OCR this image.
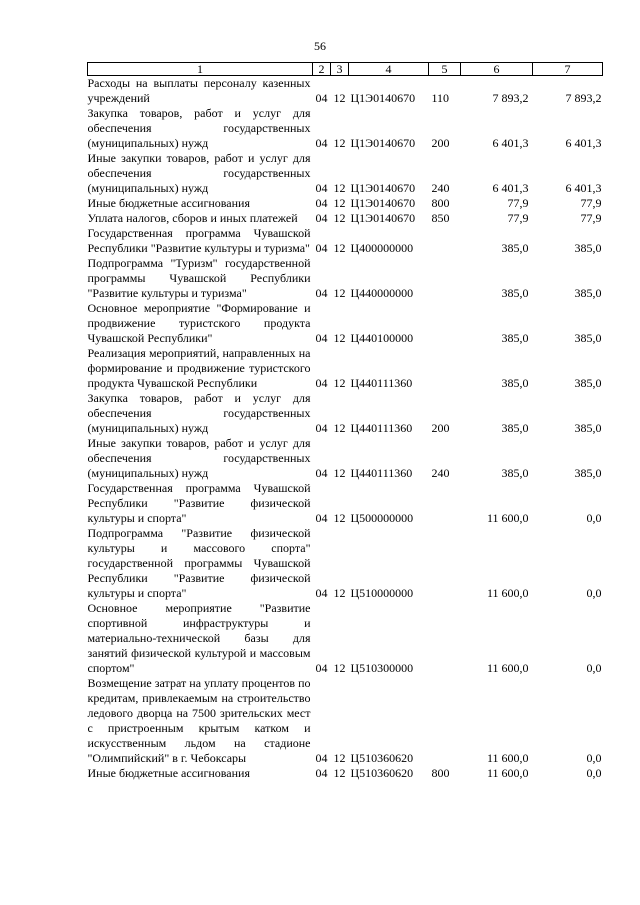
56
1	2	3	4	5	6	7
Расходы на выплаты персоналу казенных учреждений	04	12	Ц1Э0140670	110	7 893,2	7 893,2
Закупка товаров, работ и услуг для обеспечения государственных (муниципальных) нужд	04	12	Ц1Э0140670	200	6 401,3	6 401,3
Иные закупки товаров, работ и услуг для обеспечения государственных (муниципальных) нужд	04	12	Ц1Э0140670	240	6 401,3	6 401,3
Иные бюджетные ассигнования	04	12	Ц1Э0140670	800	77,9	77,9
Уплата налогов, сборов и иных платежей	04	12	Ц1Э0140670	850	77,9	77,9
Государственная программа Чувашской Республики "Развитие культуры и туризма"	04	12	Ц400000000		385,0	385,0
Подпрограмма "Туризм" государственной программы Чувашской Республики "Развитие культуры и туризма"	04	12	Ц440000000		385,0	385,0
Основное мероприятие "Формирование и продвижение туристского продукта Чувашской Республики"	04	12	Ц440100000		385,0	385,0
Реализация мероприятий, направленных на формирование и продвижение туристского продукта Чувашской Республики	04	12	Ц440111360		385,0	385,0
Закупка товаров, работ и услуг для обеспечения государственных (муниципальных) нужд	04	12	Ц440111360	200	385,0	385,0
Иные закупки товаров, работ и услуг для обеспечения государственных (муниципальных) нужд	04	12	Ц440111360	240	385,0	385,0
Государственная программа Чувашской Республики "Развитие физической культуры и спорта"	04	12	Ц500000000		11 600,0	0,0
Подпрограмма "Развитие физической культуры и массового спорта" государственной программы Чувашской Республики "Развитие физической культуры и спорта"	04	12	Ц510000000		11 600,0	0,0
Основное мероприятие "Развитие спортивной инфраструктуры и материально-технической базы для занятий физической культурой и массовым спортом"	04	12	Ц510300000		11 600,0	0,0
Возмещение затрат на уплату процентов по кредитам, привлекаемым на строительство ледового дворца на 7500 зрительских мест с пристроенным крытым катком и искусственным льдом на стадионе "Олимпийский" в г. Чебоксары	04	12	Ц510360620		11 600,0	0,0
Иные бюджетные ассигнования	04	12	Ц510360620	800	11 600,0	0,0
